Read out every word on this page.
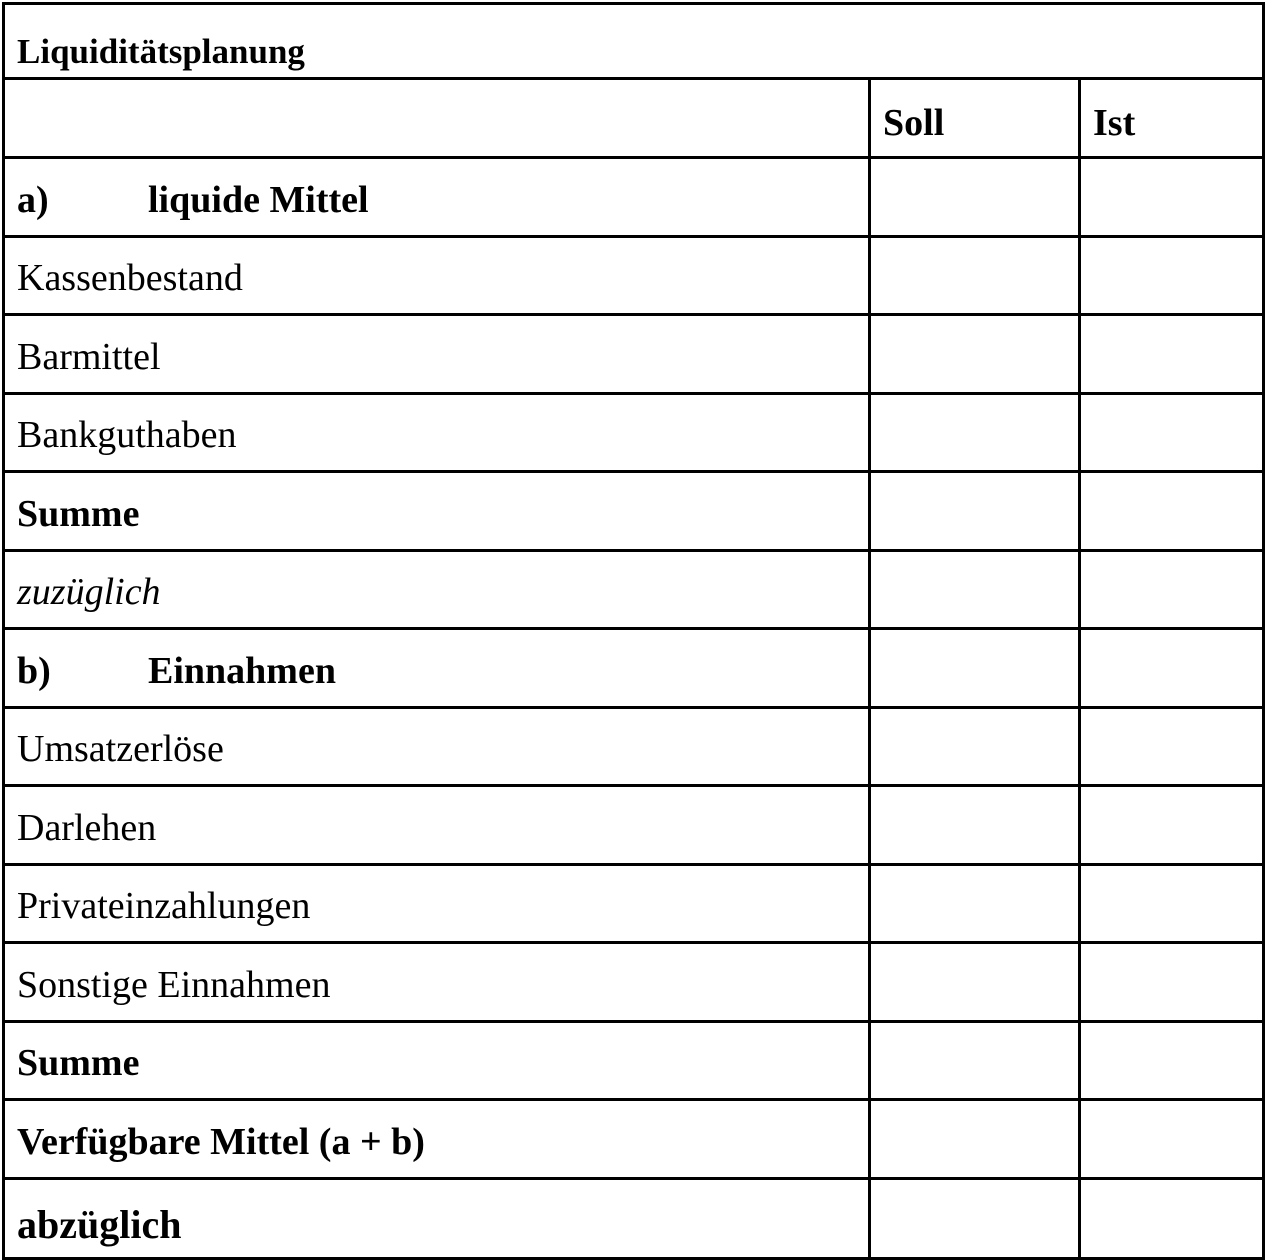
Liquiditätsplanung		
	Soll	Ist
a) liquide Mittel		
Kassenbestand		
Barmittel		
Bankguthaben		
Summe		
zuzüglich		
b) Einnahmen		
Umsatzerlöse		
Darlehen		
Privateinzahlungen		
Sonstige Einnahmen		
Summe		
Verfügbare Mittel (a + b)		
abzüglich		
